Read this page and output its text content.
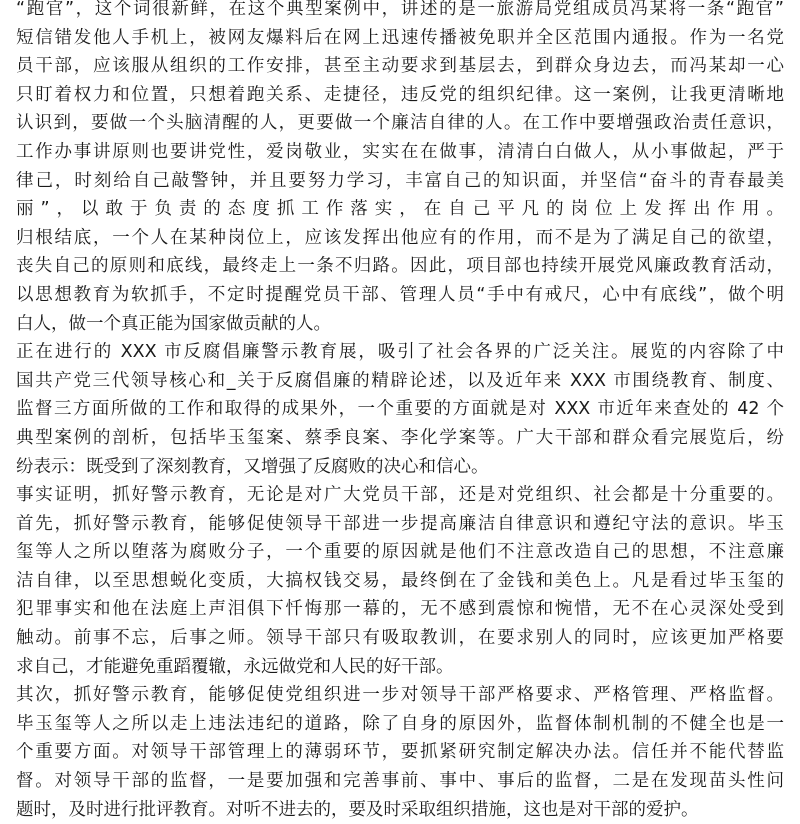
“跑官”，这个词很新鲜，在这个典型案例中，讲述的是一旅游局党组成员冯某将一条“跑官”
短信错发他人手机上，被网友爆料后在网上迅速传播被免职并全区范围内通报。作为一名党
员干部，应该服从组织的工作安排，甚至主动要求到基层去，到群众身边去，而冯某却一心
只盯着权力和位置，只想着跑关系、走捷径，违反党的组织纪律。这一案例，让我更清晰地
认识到，要做一个头脑清醒的人，更要做一个廉洁自律的人。在工作中要增强政治责任意识，
工作办事讲原则也要讲党性，爱岗敬业，实实在在做事，清清白白做人，从小事做起，严于
律己，时刻给自己敲警钟，并且要努力学习，丰富自己的知识面，并坚信“奋斗的青春最美
丽”，以敢于负责的态度抓工作落实，在自己平凡的岗位上发挥出作用。
归根结底，一个人在某种岗位上，应该发挥出他应有的作用，而不是为了满足自己的欲望，
丧失自己的原则和底线，最终走上一条不归路。因此，项目部也持续开展党风廉政教育活动，
以思想教育为软抓手，不定时提醒党员干部、管理人员“手中有戒尺，心中有底线”，做个明
白人，做一个真正能为国家做贡献的人。
正在进行的 XXX 市反腐倡廉警示教育展，吸引了社会各界的广泛关注。展览的内容除了中
国共产党三代领导核心和_关于反腐倡廉的精辟论述，以及近年来 XXX 市围绕教育、制度、
监督三方面所做的工作和取得的成果外，一个重要的方面就是对 XXX 市近年来查处的 42 个
典型案例的剖析，包括毕玉玺案、蔡季良案、李化学案等。广大干部和群众看完展览后，纷
纷表示：既受到了深刻教育，又增强了反腐败的决心和信心。
事实证明，抓好警示教育，无论是对广大党员干部，还是对党组织、社会都是十分重要的。
首先，抓好警示教育，能够促使领导干部进一步提高廉洁自律意识和遵纪守法的意识。毕玉
玺等人之所以堕落为腐败分子，一个重要的原因就是他们不注意改造自己的思想，不注意廉
洁自律，以至思想蜕化变质，大搞权钱交易，最终倒在了金钱和美色上。凡是看过毕玉玺的
犯罪事实和他在法庭上声泪俱下忏悔那一幕的，无不感到震惊和惋惜，无不在心灵深处受到
触动。前事不忘，后事之师。领导干部只有吸取教训，在要求别人的同时，应该更加严格要
求自己，才能避免重蹈覆辙，永远做党和人民的好干部。
其次，抓好警示教育，能够促使党组织进一步对领导干部严格要求、严格管理、严格监督。
毕玉玺等人之所以走上违法违纪的道路，除了自身的原因外，监督体制机制的不健全也是一
个重要方面。对领导干部管理上的薄弱环节，要抓紧研究制定解决办法。信任并不能代替监
督。对领导干部的监督，一是要加强和完善事前、事中、事后的监督，二是在发现苗头性问
题时，及时进行批评教育。对听不进去的，要及时采取组织措施，这也是对干部的爱护。
